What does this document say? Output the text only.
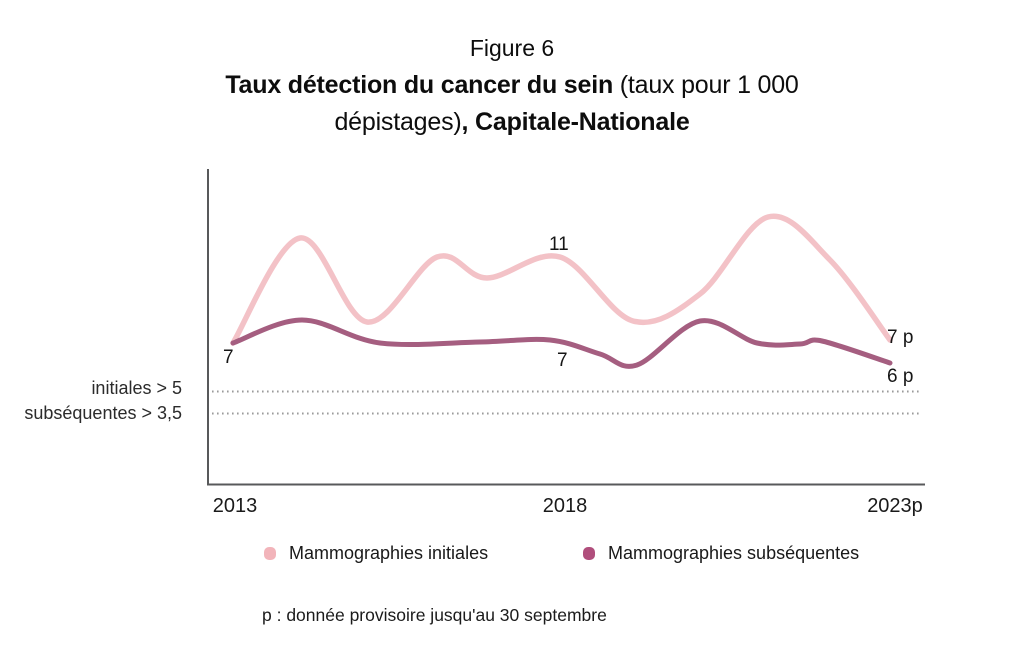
Figure 6
Taux détection du cancer du sein (taux pour 1 000
dépistages), Capitale-Nationale
initiales > 5
subséquentes > 3,5
7
11
7
7 p
6 p
2013	2018	2023p
Mammographies initiales	Mammographies subséquentes
p : donnée provisoire jusqu'au 30 septembre
